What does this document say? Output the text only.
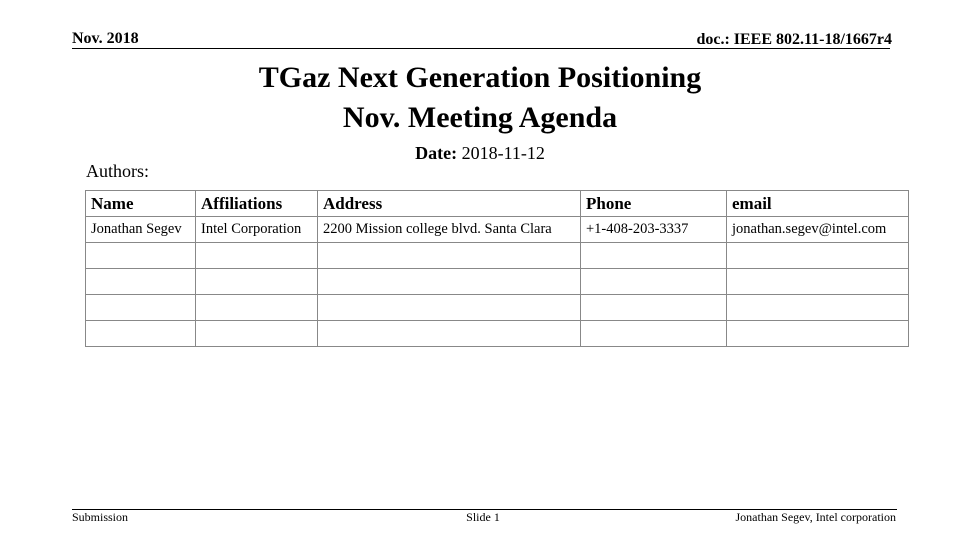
Nov. 2018	doc.: IEEE 802.11-18/1667r4
TGaz Next Generation Positioning
Nov. Meeting Agenda
Date: 2018-11-12
Authors:
Name	Affiliations	Address	Phone	email
Jonathan Segev	Intel Corporation	2200 Mission college blvd. Santa Clara	+1-408-203-3337	jonathan.segev@intel.com

Submission	Slide 1	Jonathan Segev, Intel corporation
